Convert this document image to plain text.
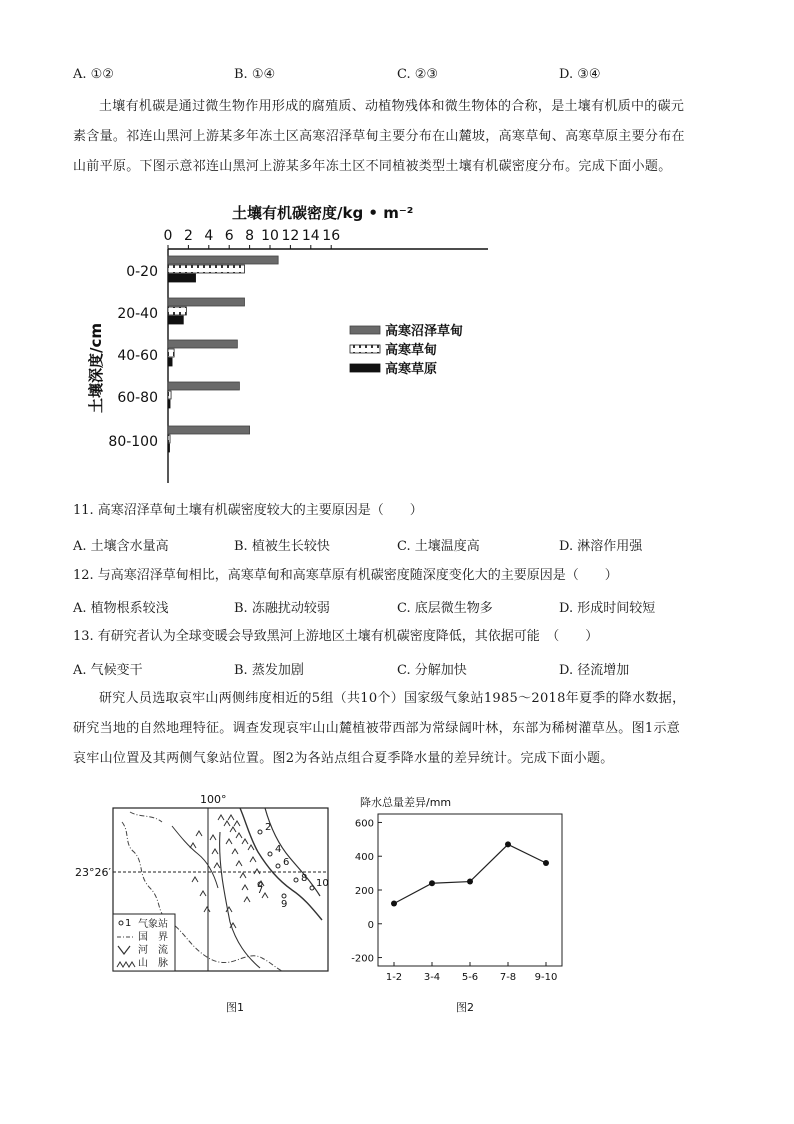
A. ①②	B. ①④	C. ②③	D. ③④
土壤有机碳是通过微生物作用形成的腐殖质、动植物残体和微生物体的合称，是土壤有机质中的碳元
素含量。祁连山黑河上游某多年冻土区高寒沼泽草甸主要分布在山麓坡，高寒草甸、高寒草原主要分布在
山前平原。下图示意祁连山黑河上游某多年冻土区不同植被类型土壤有机碳密度分布。完成下面小题。
土壤有机碳密度/kg • m⁻²
0 2 4 6 8 10 12 14 16
土壤深度/cm
0-20
20-40
40-60
60-80
80-100
高寒沼泽草甸
高寒草甸
高寒草原
11. 高寒沼泽草甸土壤有机碳密度较大的主要原因是（　　）
A. 土壤含水量高	B. 植被生长较快	C. 土壤温度高	D. 淋溶作用强
12. 与高寒沼泽草甸相比，高寒草甸和高寒草原有机碳密度随深度变化大的主要原因是（　　）
A. 植物根系较浅	B. 冻融扰动较弱	C. 底层微生物多	D. 形成时间较短
13. 有研究者认为全球变暖会导致黑河上游地区土壤有机碳密度降低，其依据可能　（　　）
A. 气候变干	B. 蒸发加剧	C. 分解加快	D. 径流增加
研究人员选取哀牢山两侧纬度相近的5组（共10个）国家级气象站1985～2018年夏季的降水数据，
研究当地的自然地理特征。调查发现哀牢山山麓植被带西部为常绿阔叶林，东部为稀树灌草丛。图1示意
哀牢山位置及其两侧气象站位置。图2为各站点组合夏季降水量的差异统计。完成下面小题。
100°
23°26′
2
4
6
8 10
7
9
1 气象站
国　界
河　流
山　脉
图1
降水总量差异/mm
600
400
200
0
-200
1-2 3-4 5-6 7-8 9-10
图2
